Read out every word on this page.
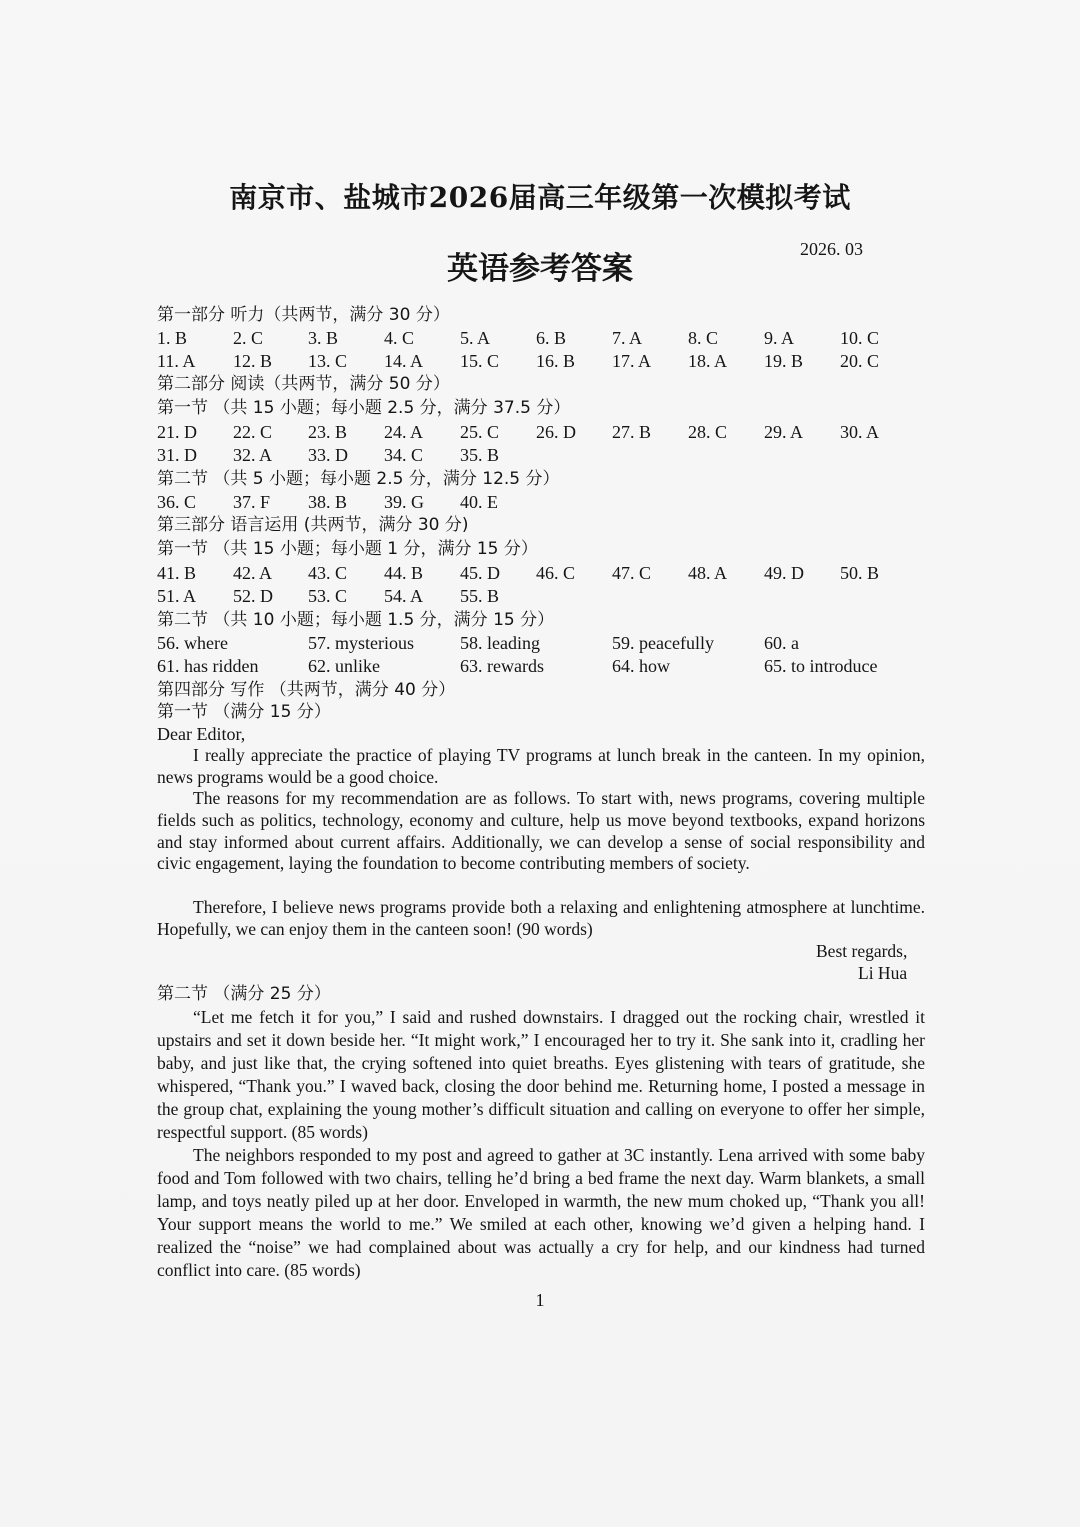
南京市、盐城市2026届高三年级第一次模拟考试
英语参考答案
2026. 03
第一部分 听力（共两节，满分 30 分）
1. B	2. C 3. B	4. C	5. A	6. B	7. A	8. C	9. A	10. C
11. A 12. B 13. C 14. A 15. C 16. B 17. A 18. A 19. B 20. C
第二部分 阅读（共两节，满分 50 分）
第一节 （共 15 小题；每小题 2.5 分，满分 37.5 分）
21. D 22. C 23. B 24. A 25. C 26. D 27. B 28. C 29. A 30. A
31. D 32. A 33. D 34. C 35. B
第二节 （共 5 小题；每小题 2.5 分，满分 12.5 分）
36. C 37. F 38. B 39. G 40. E
第三部分 语言运用 (共两节，满分 30 分)
第一节 （共 15 小题；每小题 1 分，满分 15 分）
41. B 42. A 43. C 44. B 45. D 46. C 47. C 48. A 49. D 50. B
51. A 52. D 53. C 54. A 55. B
第二节 （共 10 小题；每小题 1.5 分，满分 15 分）
56. where	57. mysterious	58. leading	59. peacefully	60. a
61. has ridden	62. unlike	63. rewards	64. how	65. to introduce
第四部分 写作 （共两节，满分 40 分）
第一节 （满分 15 分）
Dear Editor,

I really appreciate the practice of playing TV programs at lunch break in the canteen. In my opinion, news programs would be a good choice.

The reasons for my recommendation are as follows. To start with, news programs, covering multiple fields such as politics, technology, economy and culture, help us move beyond textbooks, expand horizons and stay informed about current affairs. Additionally, we can develop a sense of social responsibility and civic engagement, laying the foundation to become contributing members of society.

Therefore, I believe news programs provide both a relaxing and enlightening atmosphere at lunchtime. Hopefully, we can enjoy them in the canteen soon! (90 words)

Best regards,
Li Hua
第二节 （满分 25 分）

“Let me fetch it for you,” I said and rushed downstairs. I dragged out the rocking chair, wrestled it upstairs and set it down beside her. “It might work,” I encouraged her to try it. She sank into it, cradling her baby, and just like that, the crying softened into quiet breaths. Eyes glistening with tears of gratitude, she whispered, “Thank you.” I waved back, closing the door behind me. Returning home, I posted a message in the group chat, explaining the young mother’s difficult situation and calling on everyone to offer her simple, respectful support. (85 words)

The neighbors responded to my post and agreed to gather at 3C instantly. Lena arrived with some baby food and Tom followed with two chairs, telling he’d bring a bed frame the next day. Warm blankets, a small lamp, and toys neatly piled up at her door. Enveloped in warmth, the new mum choked up, “Thank you all! Your support means the world to me.” We smiled at each other, knowing we’d given a helping hand. I realized the “noise” we had complained about was actually a cry for help, and our kindness had turned conflict into care. (85 words)

1
